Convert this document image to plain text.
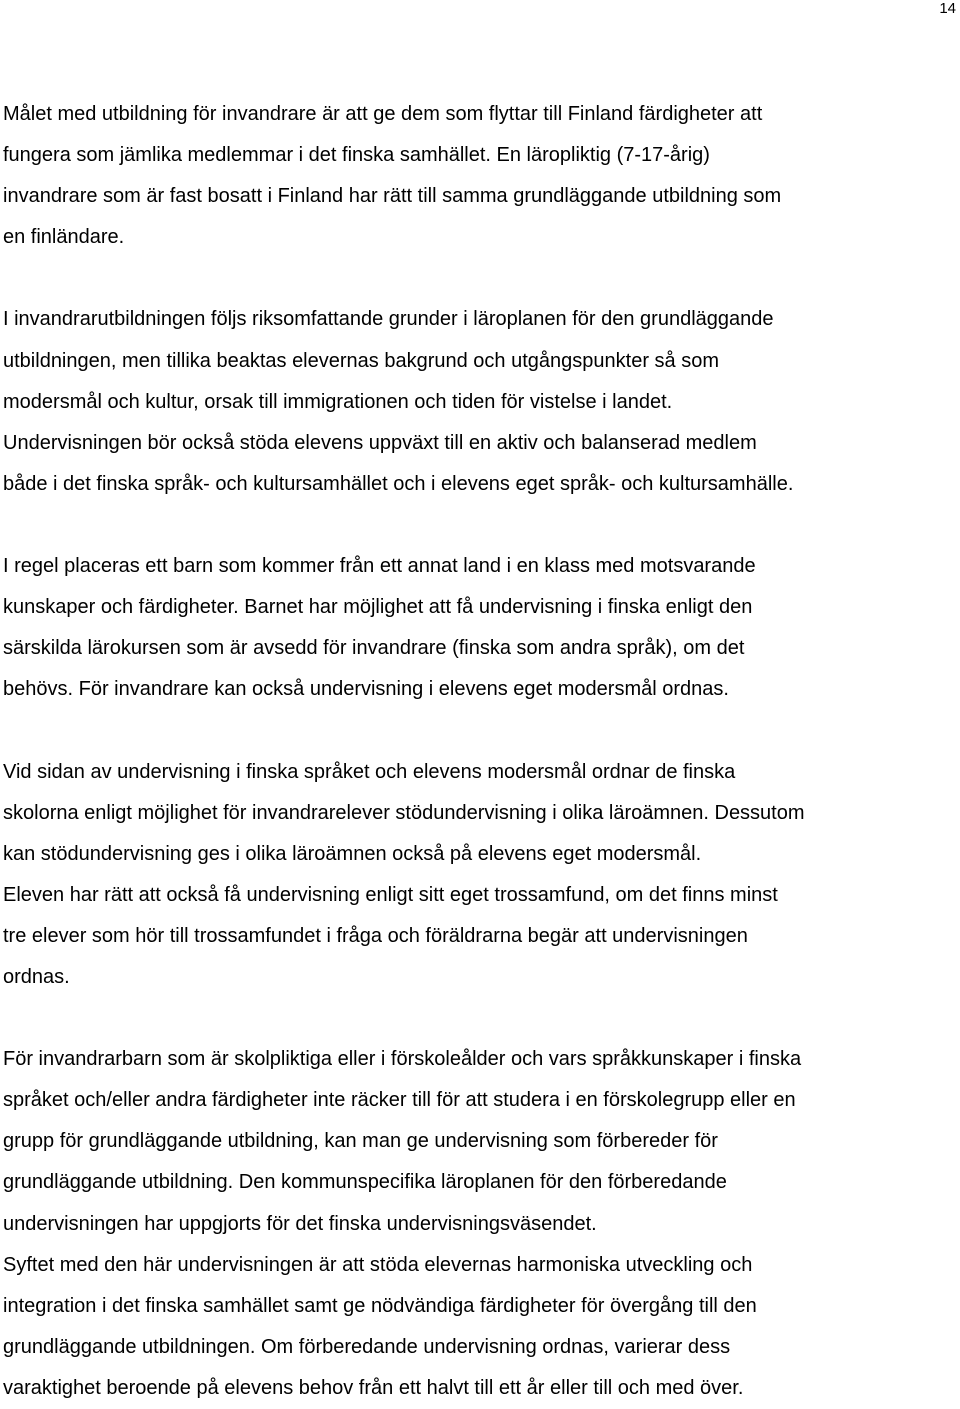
14
Målet med utbildning för invandrare är att ge dem som flyttar till Finland färdigheter att
fungera som jämlika medlemmar i det finska samhället. En läropliktig (7-17-årig)
invandrare som är fast bosatt i Finland har rätt till samma grundläggande utbildning som
en finländare.
I invandrarutbildningen följs riksomfattande grunder i läroplanen för den grundläggande
utbildningen, men tillika beaktas elevernas bakgrund och utgångspunkter så som
modersmål och kultur, orsak till immigrationen och tiden för vistelse i landet.
Undervisningen bör också stöda elevens uppväxt till en aktiv och balanserad medlem
både i det finska språk- och kultursamhället och i elevens eget språk- och kultursamhälle.
I regel placeras ett barn som kommer från ett annat land i en klass med motsvarande
kunskaper och färdigheter. Barnet har möjlighet att få undervisning i finska enligt den
särskilda lärokursen som är avsedd för invandrare (finska som andra språk), om det
behövs. För invandrare kan också undervisning i elevens eget modersmål ordnas.
Vid sidan av undervisning i finska språket och elevens modersmål ordnar de finska
skolorna enligt möjlighet för invandrarelever stödundervisning i olika läroämnen. Dessutom
kan stödundervisning ges i olika läroämnen också på elevens eget modersmål.
Eleven har rätt att också få undervisning enligt sitt eget trossamfund, om det finns minst
tre elever som hör till trossamfundet i fråga och föräldrarna begär att undervisningen
ordnas.
För invandrarbarn som är skolpliktiga eller i förskoleålder och vars språkkunskaper i finska
språket och/eller andra färdigheter inte räcker till för att studera i en förskolegrupp eller en
grupp för grundläggande utbildning, kan man ge undervisning som förbereder för
grundläggande utbildning. Den kommunspecifika läroplanen för den förberedande
undervisningen har uppgjorts för det finska undervisningsväsendet.
Syftet med den här undervisningen är att stöda elevernas harmoniska utveckling och
integration i det finska samhället samt ge nödvändiga färdigheter för övergång till den
grundläggande utbildningen. Om förberedande undervisning ordnas, varierar dess
varaktighet beroende på elevens behov från ett halvt till ett år eller till och med över.
